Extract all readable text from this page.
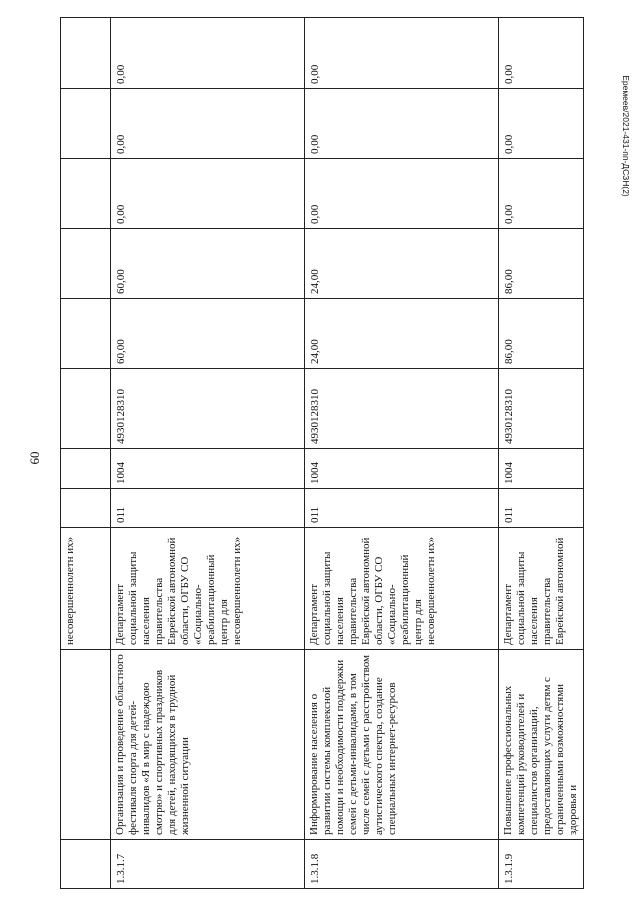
60
Еремеев/2021-431-пп-ДСЗН(2)
		несовершеннолетн их»								
1.3.1.7	Организация и проведение областного фестиваля спорта для детей-инвалидов «Я в мир с надеждою смотрю» и спортивных праздников для детей, находящихся в трудной жизненной ситуации	Департамент социальной защиты населения правительства Еврейской автономной области, ОГБУ СО «Социально-реабилитационный центр для несовершеннолетн их»	011	1004	4930128310	60,00	60,00	0,00	0,00	0,00
1.3.1.8	Информирование населения о развитии системы комплексной помощи и необходимости поддержки семей с детьми-инвалидами, в том числе семей с детьми с расстройством аутистического спектра, создание специальных интернет-ресурсов	Департамент социальной защиты населения правительства Еврейской автономной области, ОГБУ СО «Социально-реабилитационный центр для несовершеннолетн их»	011	1004	4930128310	24,00	24,00	0,00	0,00	0,00
1.3.1.9	Повышение профессиональных компетенций руководителей и специалистов организаций, предоставляющих услуги детям с ограниченными возможностями здоровья и	Департамент социальной защиты населения правительства Еврейской автономной	011	1004	4930128310	86,00	86,00	0,00	0,00	0,00
